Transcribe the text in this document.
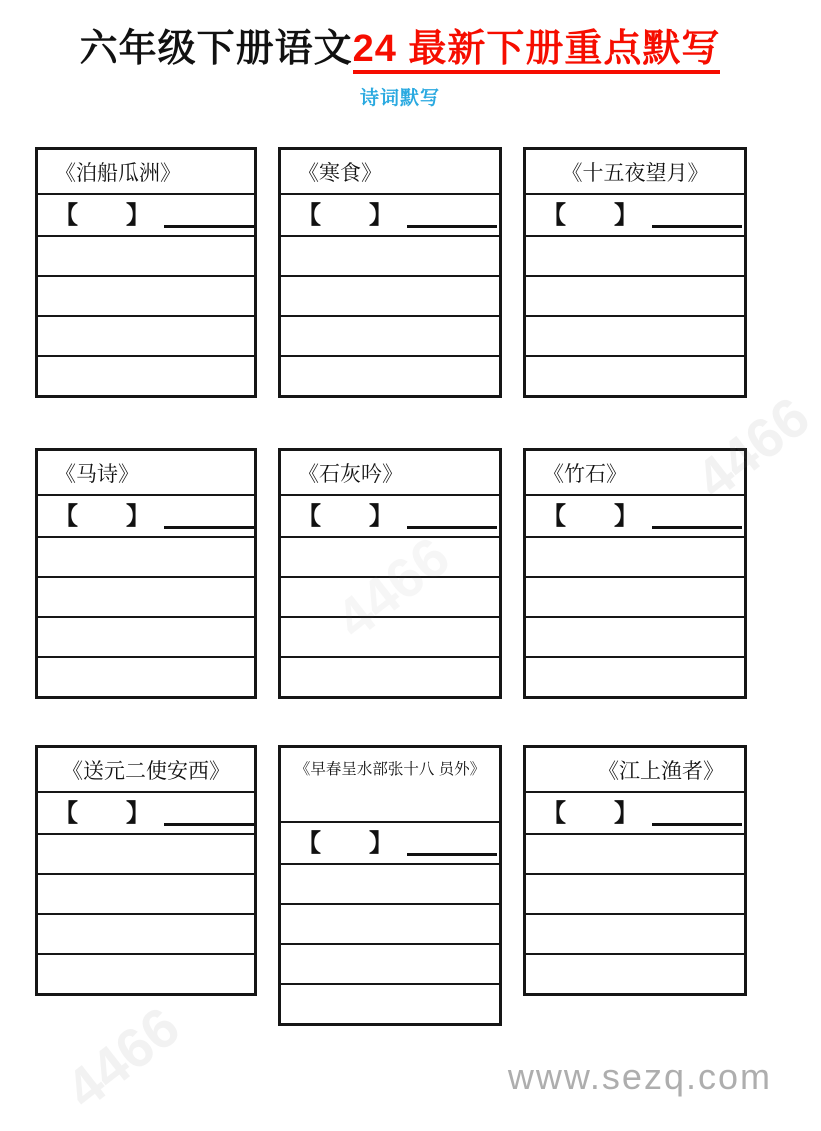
六年级下册语文24 最新下册重点默写
诗词默写
《泊船瓜洲》
【　　】
《寒食》
【　　】
《十五夜望月》
【　　】
《马诗》
【　　】
《石灰吟》
【　　】
《竹石》
【　　】
《送元二使安西》
【　　】
《早春呈水部张十八 员外》
【　　】
《江上渔者》
【　　】
4466
4466
www.sezq.com
